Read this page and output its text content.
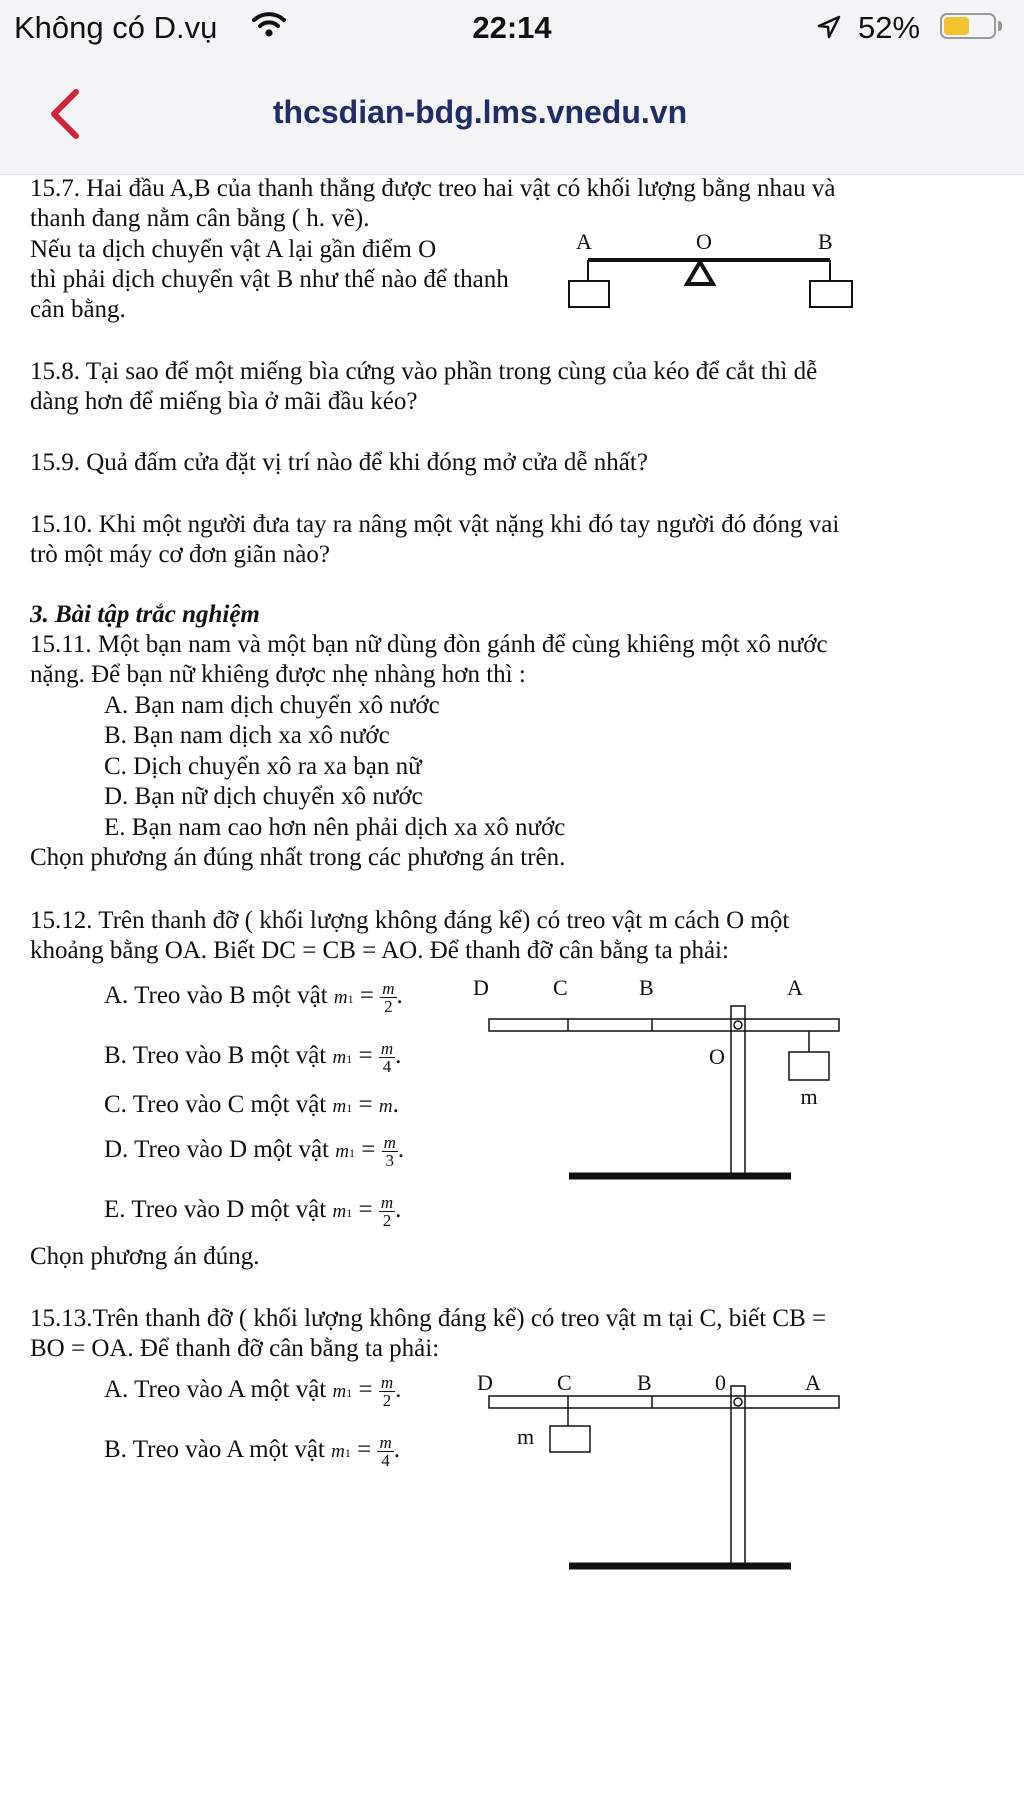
Không có D.vụ	22:14	52%
thcsdian-bdg.lms.vnedu.vn
15.7. Hai đầu A,B của thanh thẳng được treo hai vật có khối lượng bằng nhau và
thanh đang nằm cân bằng ( h. vẽ).
Nếu ta dịch chuyển vật A lại gần điểm O
thì phải dịch chuyển vật B như thế nào để thanh
cân bằng.
A	O	B
15.8. Tại sao để một miếng bìa cứng vào phần trong cùng của kéo để cắt thì dễ
dàng hơn để miếng bìa ở mãi đầu kéo?
15.9. Quả đấm cửa đặt vị trí nào để khi đóng mở cửa dễ nhất?
15.10. Khi một người đưa tay ra nâng một vật nặng khi đó tay người đó đóng vai
trò một máy cơ đơn giãn nào?
3. Bài tập trắc nghiệm
15.11. Một bạn nam và một bạn nữ dùng đòn gánh để cùng khiêng một xô nước
nặng. Để bạn nữ khiêng được nhẹ nhàng hơn thì :
A. Bạn nam dịch chuyển xô nước
B. Bạn nam dịch xa xô nước
C. Dịch chuyển xô ra xa bạn nữ
D. Bạn nữ dịch chuyển xô nước
E. Bạn nam cao hơn nên phải dịch xa xô nước
Chọn phương án đúng nhất trong các phương án trên.
15.12. Trên thanh đỡ ( khối lượng không đáng kể) có treo vật m cách O một
khoảng bằng OA. Biết DC = CB = AO. Để thanh đỡ cân bằng ta phải:
A. Treo vào B một vật $m1 = \frac{m}{2}$ .
B. Treo vào B một vật $m1 = \frac{m}{4}$ .
C. Treo vào C một vật m1 = m.
D. Treo vào D một vật $m1 = \frac{m}{3}$ .
E. Treo vào D một vật $m1 = \frac{m}{2}$ .
Chọn phương án đúng.
D	C	B	A
O
m
15.13.Trên thanh đỡ ( khối lượng không đáng kể) có treo vật m tại C, biết CB =
BO = OA. Để thanh đỡ cân bằng ta phải:
A. Treo vào A một vật $m1 = \frac{m}{2}$ .
B. Treo vào A một vật $m1 = \frac{m}{4}$ .
D	C	B	0	A
m
